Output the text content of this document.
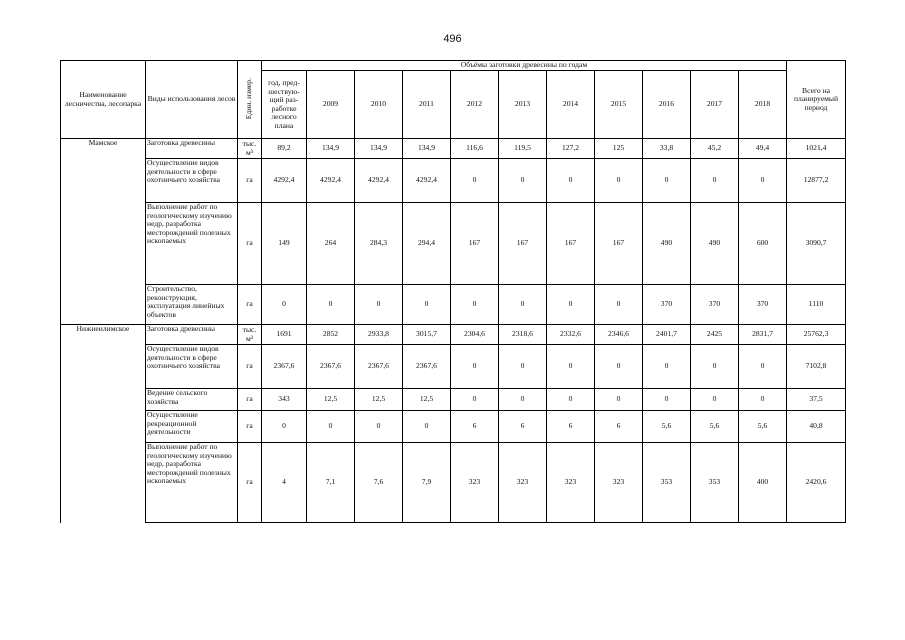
496
Наименование лесничества, лесопарка	Виды использования лесов	Един. измер.	Объёмы заготовки древесины по годам											Всего на планируемый период
			год, пред-шествую-щий раз-работке лесного плана	2009	2010	2011	2012	2013	2014	2015	2016	2017	2018	
Мамское	Заготовка древесины	тыс. м³	89,2	134,9	134,9	134,9	116,6	119,5	127,2	125	33,8	45,2	49,4	1021,4
	Осуществление видов деятельности в сфере охотничьего хозяйства	га	4292,4	4292,4	4292,4	4292,4	0	0	0	0	0	0	0	12877,2
	Выполнение работ по геологическому изучению недр, разработка месторождений полезных ископаемых	га	149	264	284,3	294,4	167	167	167	167	490	490	600	3090,7
	Строительство, реконструкция, эксплуатация линейных объектов	га	0	0	0	0	0	0	0	0	370	370	370	1110
Нижнеилимское	Заготовка древесины	тыс. м³	1691	2852	2933,8	3015,7	2304,6	2318,6	2332,6	2346,6	2401,7	2425	2831,7	25762,3
	Осуществление видов деятельности в сфере охотничьего хозяйства	га	2367,6	2367,6	2367,6	2367,6	0	0	0	0	0	0	0	7102,8
	Ведение сельского хозяйства	га	343	12,5	12,5	12,5	0	0	0	0	0	0	0	37,5
	Осуществление рекреационной деятельности	га	0	0	0	0	6	6	6	6	5,6	5,6	5,6	40,8
	Выполнение работ по геологическому изучению недр, разработка месторождений полезных ископаемых	га	4	7,1	7,6	7,9	323	323	323	323	353	353	400	2420,6
